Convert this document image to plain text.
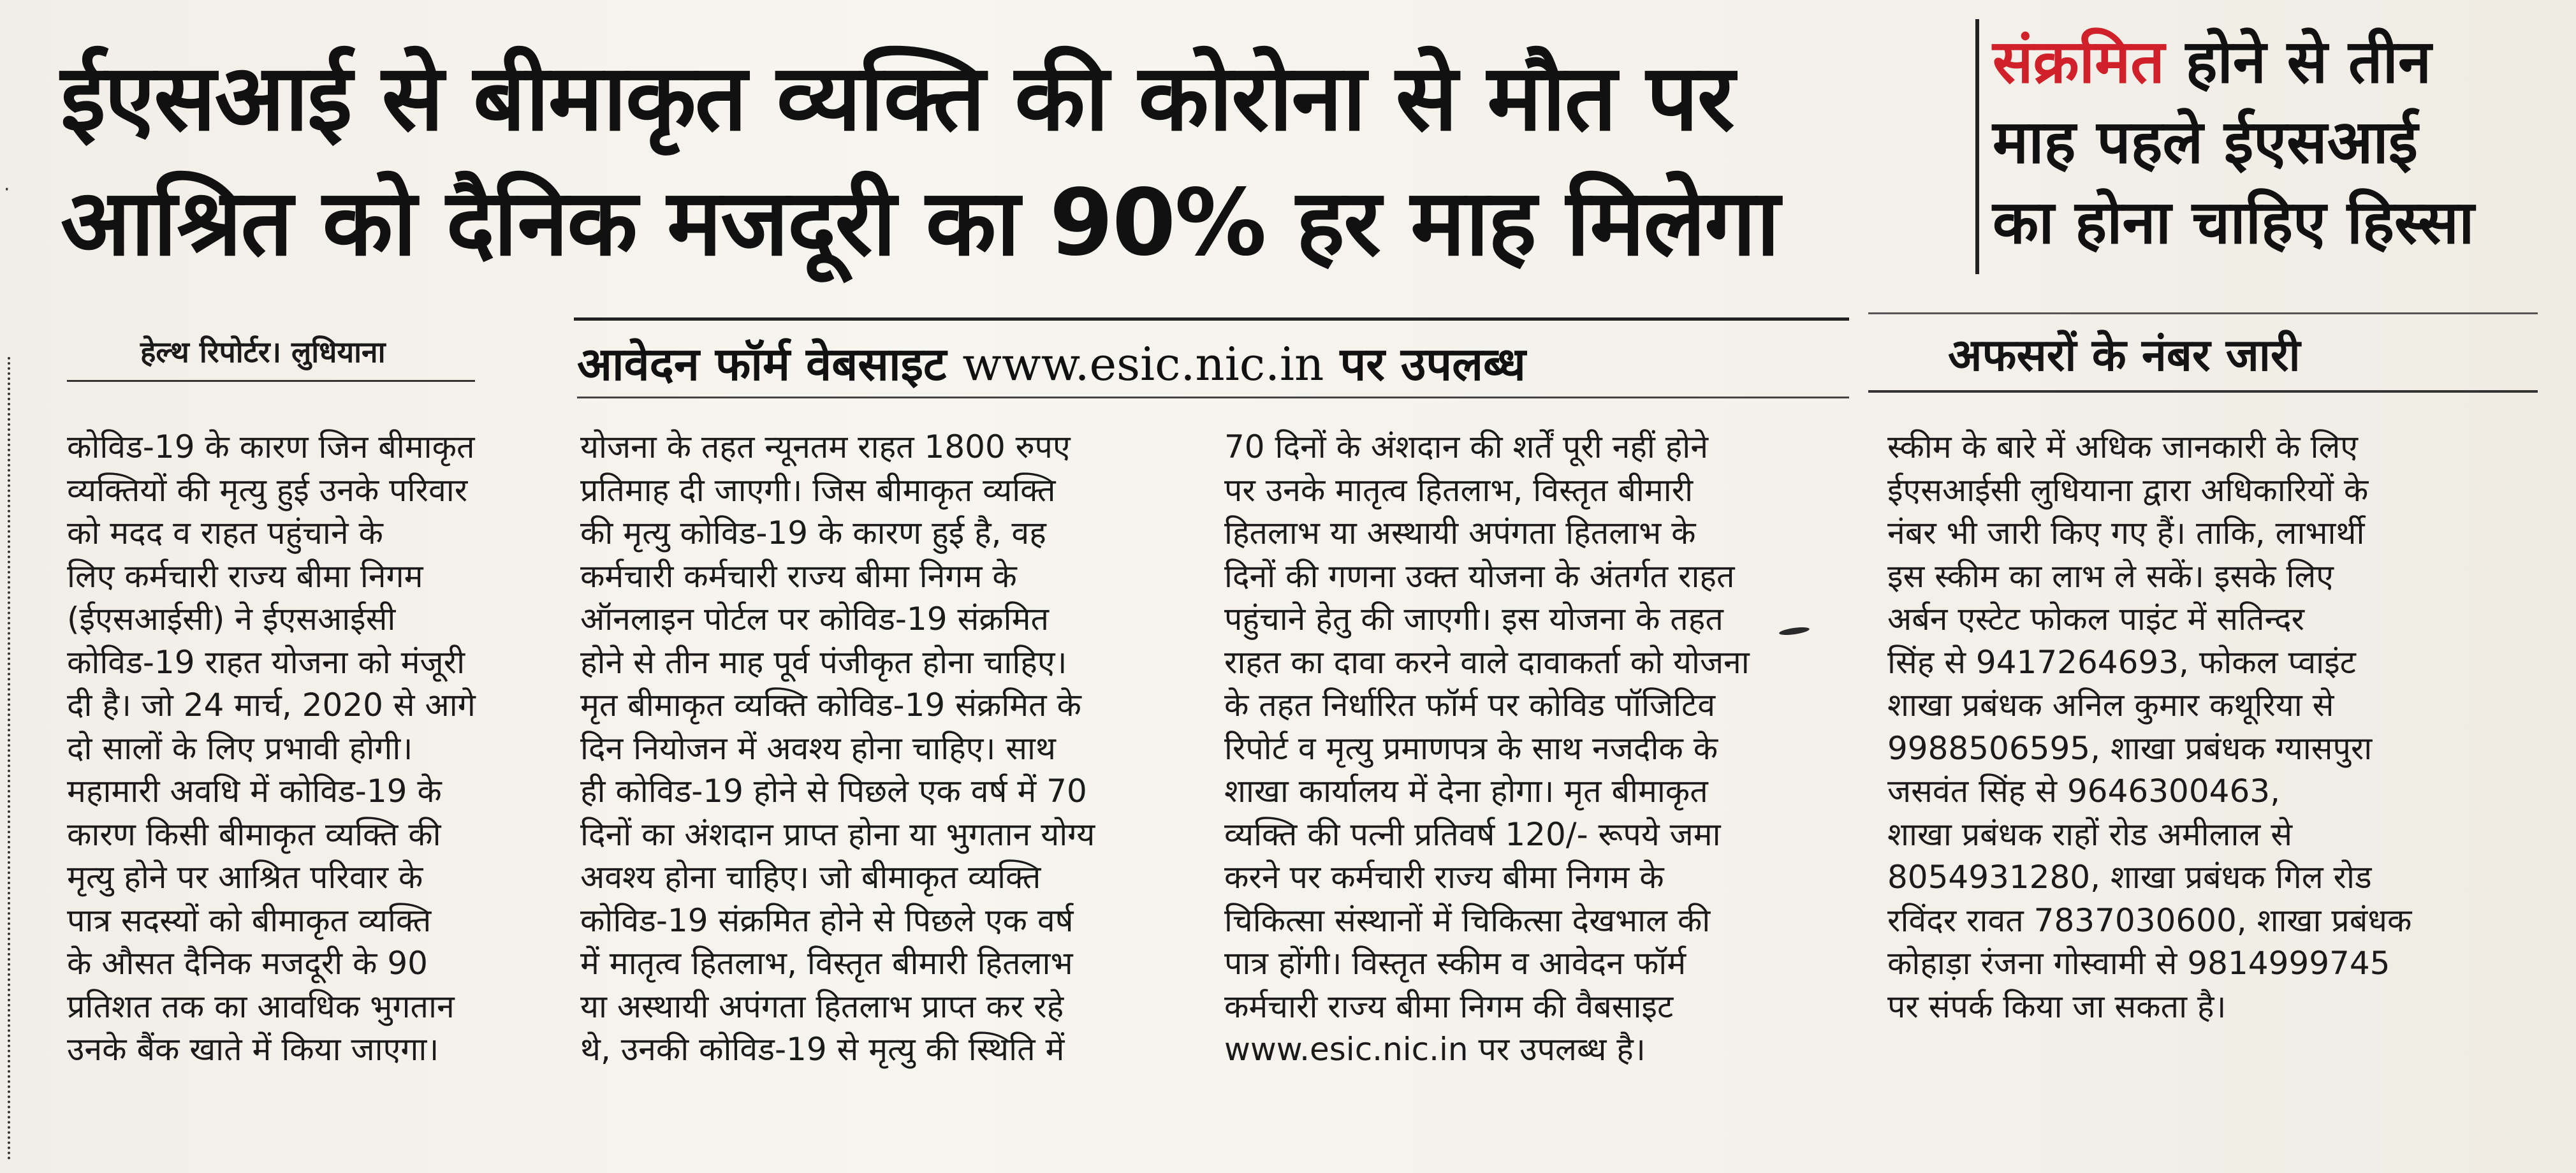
·
ईएसआई से बीमाकृत व्यक्ति की कोरोना से मौत पर
आश्रित को दैनिक मजदूरी का 90% हर माह मिलेगा
संक्रमित होने से तीन
माह पहले ईएसआई
का होना चाहिए हिस्सा
हेल्थ रिपोर्टर। लुधियाना	आवेदन फॉर्म वेबसाइट www.esic.nic.in पर उपलब्ध	अफसरों के नंबर जारी
कोविड-19 के कारण जिन बीमाकृत
व्यक्तियों की मृत्यु हुई उनके परिवार
को मदद व राहत पहुंचाने के
लिए कर्मचारी राज्य बीमा निगम
(ईएसआईसी) ने ईएसआईसी
कोविड-19 राहत योजना को मंजूरी
दी है। जो 24 मार्च, 2020 से आगे
दो सालों के लिए प्रभावी होगी।
महामारी अवधि में कोविड-19 के
कारण किसी बीमाकृत व्यक्ति की
मृत्यु होने पर आश्रित परिवार के
पात्र सदस्यों को बीमाकृत व्यक्ति
के औसत दैनिक मजदूरी के 90
प्रतिशत तक का आवधिक भुगतान
उनके बैंक खाते में किया जाएगा।
योजना के तहत न्यूनतम राहत 1800 रुपए
प्रतिमाह दी जाएगी। जिस बीमाकृत व्यक्ति
की मृत्यु कोविड-19 के कारण हुई है, वह
कर्मचारी कर्मचारी राज्य बीमा निगम के
ऑनलाइन पोर्टल पर कोविड-19 संक्रमित
होने से तीन माह पूर्व पंजीकृत होना चाहिए।
मृत बीमाकृत व्यक्ति कोविड-19 संक्रमित के
दिन नियोजन में अवश्य होना चाहिए। साथ
ही कोविड-19 होने से पिछले एक वर्ष में 70
दिनों का अंशदान प्राप्त होना या भुगतान योग्य
अवश्य होना चाहिए। जो बीमाकृत व्यक्ति
कोविड-19 संक्रमित होने से पिछले एक वर्ष
में मातृत्व हितलाभ, विस्तृत बीमारी हितलाभ
या अस्थायी अपंगता हितलाभ प्राप्त कर रहे
थे, उनकी कोविड-19 से मृत्यु की स्थिति में
70 दिनों के अंशदान की शर्तें पूरी नहीं होने
पर उनके मातृत्व हितलाभ, विस्तृत बीमारी
हितलाभ या अस्थायी अपंगता हितलाभ के
दिनों की गणना उक्त योजना के अंतर्गत राहत
पहुंचाने हेतु की जाएगी। इस योजना के तहत
राहत का दावा करने वाले दावाकर्ता को योजना
के तहत निर्धारित फॉर्म पर कोविड पॉजिटिव
रिपोर्ट व मृत्यु प्रमाणपत्र के साथ नजदीक के
शाखा कार्यालय में देना होगा। मृत बीमाकृत
व्यक्ति की पत्नी प्रतिवर्ष 120/- रूपये जमा
करने पर कर्मचारी राज्य बीमा निगम के
चिकित्सा संस्थानों में चिकित्सा देखभाल की
पात्र होंगी। विस्तृत स्कीम व आवेदन फॉर्म
कर्मचारी राज्य बीमा निगम की वैबसाइट
www.esic.nic.in पर उपलब्ध है।
स्कीम के बारे में अधिक जानकारी के लिए
ईएसआईसी लुधियाना द्वारा अधिकारियों के
नंबर भी जारी किए गए हैं। ताकि, लाभार्थी
इस स्कीम का लाभ ले सकें। इसके लिए
अर्बन एस्टेट फोकल पाइंट में सतिन्दर
सिंह से 9417264693, फोकल प्वाइंट
शाखा प्रबंधक अनिल कुमार कथूरिया से
9988506595, शाखा प्रबंधक ग्यासपुरा
जसवंत सिंह से 9646300463,
शाखा प्रबंधक राहों रोड अमीलाल से
8054931280, शाखा प्रबंधक गिल रोड
रविंदर रावत 7837030600, शाखा प्रबंधक
कोहाड़ा रंजना गोस्वामी से 9814999745
पर संपर्क किया जा सकता है।
